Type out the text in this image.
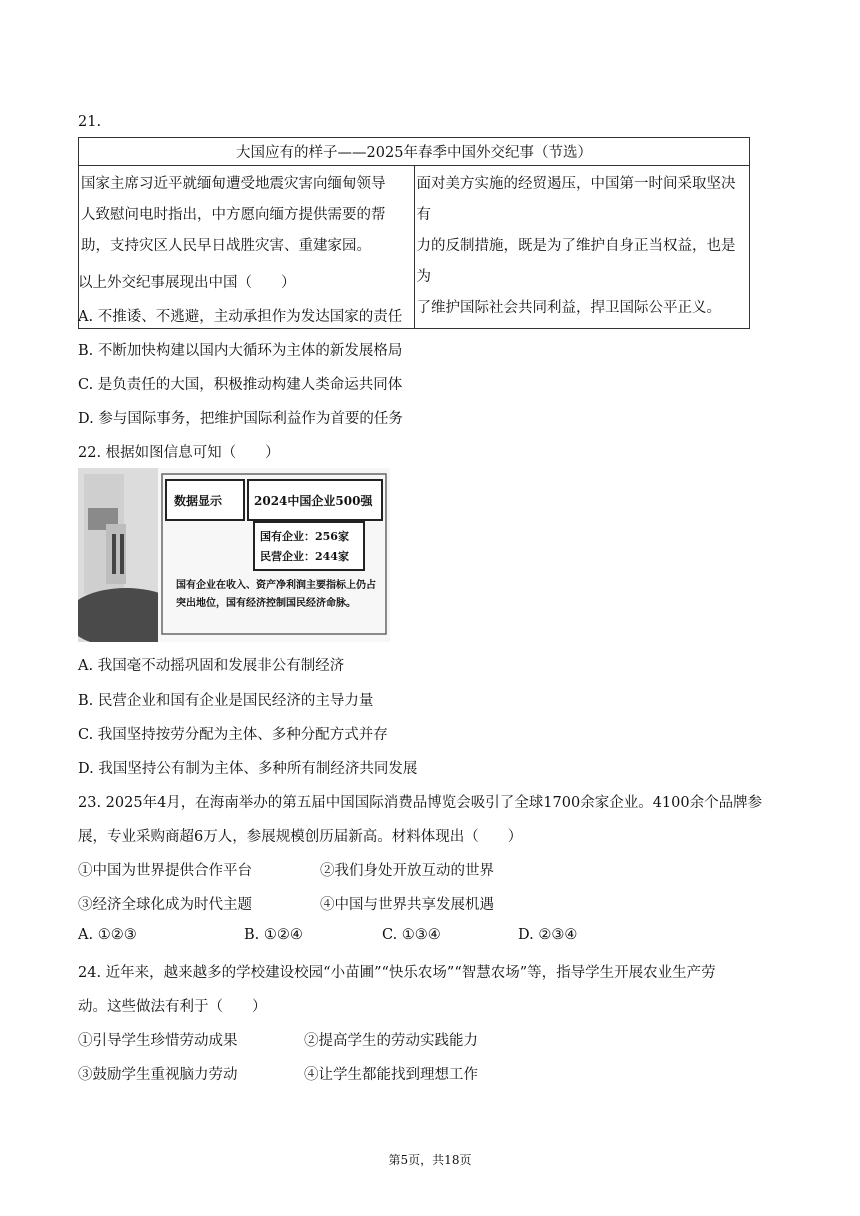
21.
大国应有的样子——2025年春季中国外交纪事（节选）

国家主席习近平就缅甸遭受地震灾害向缅甸领导
人致慰问电时指出，中方愿向缅方提供需要的帮
助，支持灾区人民早日战胜灾害、重建家园。

面对美方实施的经贸遏压，中国第一时间采取坚决有
力的反制措施，既是为了维护自身正当权益，也是为
了维护国际社会共同利益，捍卫国际公平正义。
以上外交纪事展现出中国（　　）
A. 不推诿、不逃避，主动承担作为发达国家的责任
B. 不断加快构建以国内大循环为主体的新发展格局
C. 是负责任的大国，积极推动构建人类命运共同体
D. 参与国际事务，把维护国际利益作为首要的任务
22. 根据如图信息可知（　　）
数据显示	2024中国企业500强
国有企业：256家
民营企业：244家
国有企业在收入、资产净利润主要指标上仍占
突出地位，国有经济控制国民经济命脉。
A. 我国毫不动摇巩固和发展非公有制经济
B. 民营企业和国有企业是国民经济的主导力量
C. 我国坚持按劳分配为主体、多种分配方式并存
D. 我国坚持公有制为主体、多种所有制经济共同发展
23. 2025年4月，在海南举办的第五届中国国际消费品博览会吸引了全球1700余家企业。4100余个品牌参
展，专业采购商超6万人，参展规模创历届新高。材料体现出（　　）
①中国为世界提供合作平台	②我们身处开放互动的世界
③经济全球化成为时代主题	④中国与世界共享发展机遇
A. ①②③	B. ①②④	C. ①③④	D. ②③④
24. 近年来，越来越多的学校建设校园“小苗圃”“快乐农场”“智慧农场”等，指导学生开展农业生产劳
动。这些做法有利于（　　）
①引导学生珍惜劳动成果	②提高学生的劳动实践能力
③鼓励学生重视脑力劳动	④让学生都能找到理想工作
第5页，共18页
